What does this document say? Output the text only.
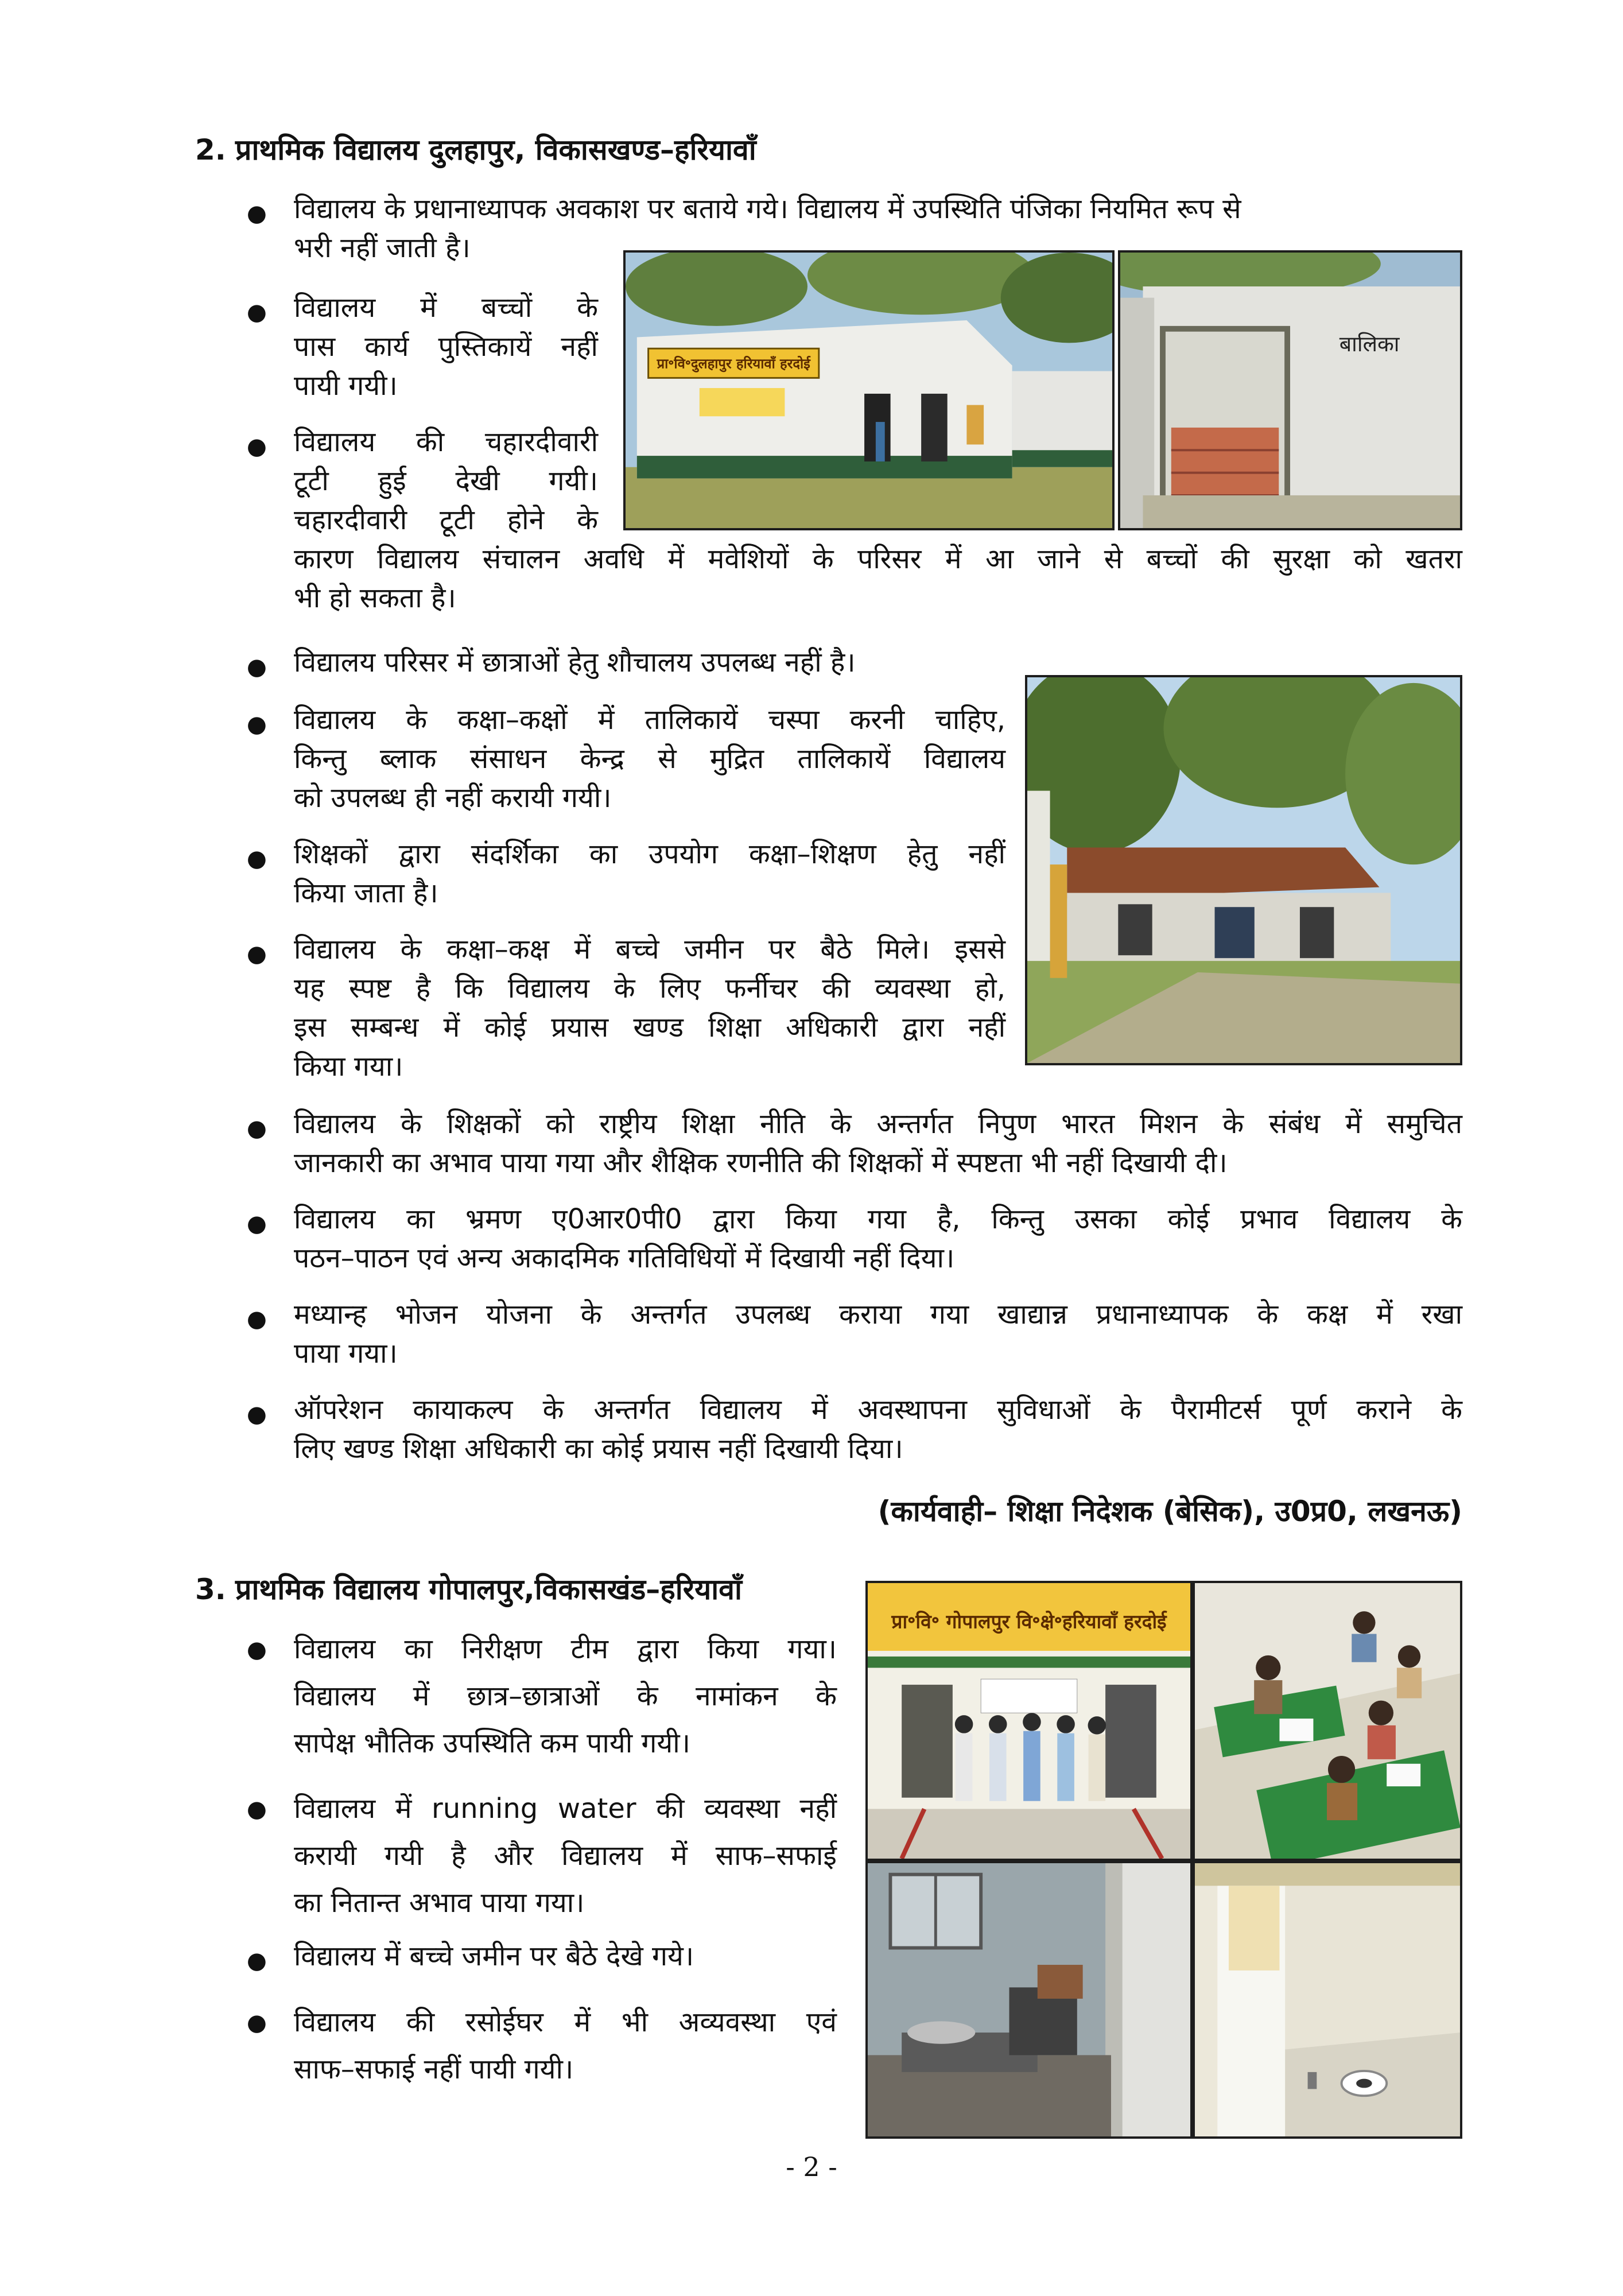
2. प्राथमिक विद्यालय दुलहापुर, विकासखण्ड–हरियावाँ
● विद्यालय के प्रधानाध्यापक अवकाश पर बताये गये। विद्यालय में उपस्थिति पंजिका नियमित रूप से
भरी नहीं जाती है।
● विद्यालय में बच्चों के
पास कार्य पुस्तिकायें नहीं
पायी गयी।
● विद्यालय की चहारदीवारी
टूटी हुई देखी गयी।
चहारदीवारी टूटी होने के
कारण विद्यालय संचालन अवधि में मवेशियों के परिसर में आ जाने से बच्चों की सुरक्षा को खतरा
भी हो सकता है।
प्रा॰वि॰दुलहापुर हरियावाँ हरदोई
बालिका
● विद्यालय परिसर में छात्राओं हेतु शौचालय उपलब्ध नहीं है।
● विद्यालय के कक्षा–कक्षों में तालिकायें चस्पा करनी चाहिए,
किन्तु ब्लाक संसाधन केन्द्र से मुद्रित तालिकायें विद्यालय
को उपलब्ध ही नहीं करायी गयी।
● शिक्षकों द्वारा संदर्शिका का उपयोग कक्षा–शिक्षण हेतु नहीं
किया जाता है।
● विद्यालय के कक्षा–कक्ष में बच्चे जमीन पर बैठे मिले। इससे
यह स्पष्ट है कि विद्यालय के लिए फर्नीचर की व्यवस्था हो,
इस सम्बन्ध में कोई प्रयास खण्ड शिक्षा अधिकारी द्वारा नहीं
किया गया।
● विद्यालय के शिक्षकों को राष्ट्रीय शिक्षा नीति के अन्तर्गत निपुण भारत मिशन के संबंध में समुचित
जानकारी का अभाव पाया गया और शैक्षिक रणनीति की शिक्षकों में स्पष्टता भी नहीं दिखायी दी।
● विद्यालय का भ्रमण ए0आर0पी0 द्वारा किया गया है, किन्तु उसका कोई प्रभाव विद्यालय के
पठन–पाठन एवं अन्य अकादमिक गतिविधियों में दिखायी नहीं दिया।
● मध्यान्ह भोजन योजना के अन्तर्गत उपलब्ध कराया गया खाद्यान्न प्रधानाध्यापक के कक्ष में रखा
पाया गया।
● ऑपरेशन कायाकल्प के अन्तर्गत विद्यालय में अवस्थापना सुविधाओं के पैरामीटर्स पूर्ण कराने के
लिए खण्ड शिक्षा अधिकारी का कोई प्रयास नहीं दिखायी दिया।
(कार्यवाही– शिक्षा निदेशक (बेसिक), उ0प्र0, लखनऊ)
3. प्राथमिक विद्यालय गोपालपुर,विकासखंड–हरियावाँ
● विद्यालय का निरीक्षण टीम द्वारा किया गया।
विद्यालय में छात्र–छात्राओं के नामांकन के
सापेक्ष भौतिक उपस्थिति कम पायी गयी।
● विद्यालय में running water की व्यवस्था नहीं
करायी गयी है और विद्यालय में साफ–सफाई
का नितान्त अभाव पाया गया।
● विद्यालय में बच्चे जमीन पर बैठे देखे गये।
● विद्यालय की रसोईघर में भी अव्यवस्था एवं
साफ–सफाई नहीं पायी गयी।
प्रा॰वि॰ गोपालपुर वि॰क्षे॰हरियावाँ हरदोई
- 2 -
